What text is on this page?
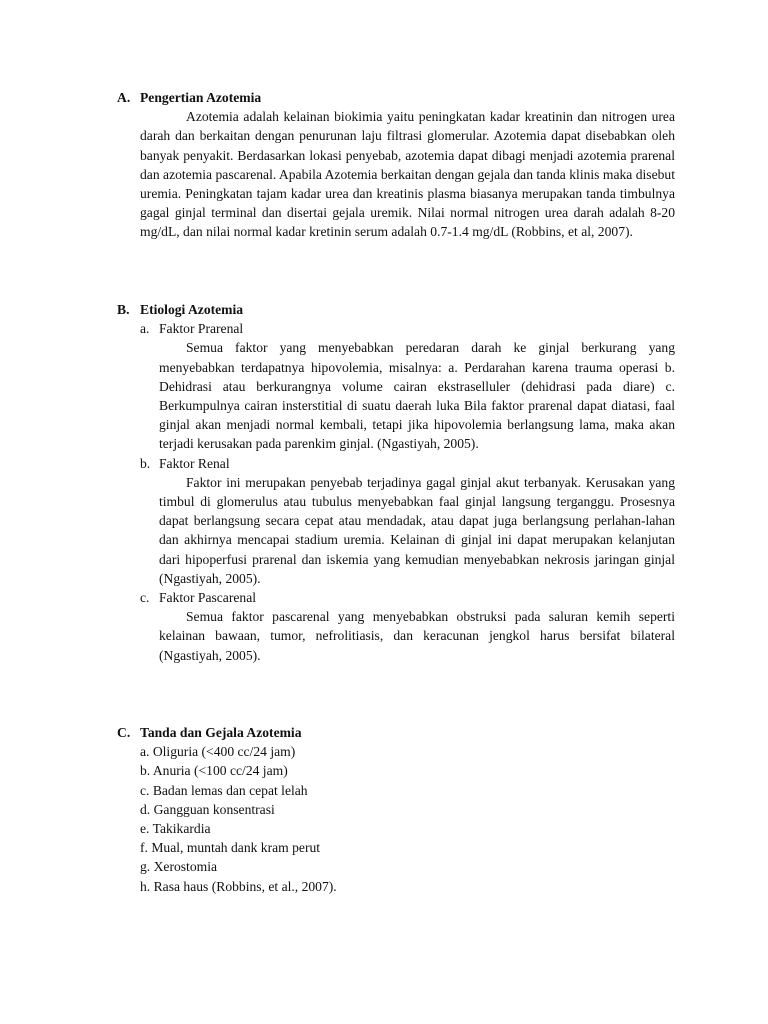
A. Pengertian Azotemia

Azotemia adalah kelainan biokimia yaitu peningkatan kadar kreatinin dan nitrogen urea darah dan berkaitan dengan penurunan laju filtrasi glomerular. Azotemia dapat disebabkan oleh banyak penyakit. Berdasarkan lokasi penyebab, azotemia dapat dibagi menjadi azotemia prarenal dan azotemia pascarenal. Apabila Azotemia berkaitan dengan gejala dan tanda klinis maka disebut uremia. Peningkatan tajam kadar urea dan kreatinis plasma biasanya merupakan tanda timbulnya gagal ginjal terminal dan disertai gejala uremik. Nilai normal nitrogen urea darah adalah 8-20 mg/dL, dan nilai normal kadar kretinin serum adalah 0.7-1.4 mg/dL (Robbins, et al, 2007).

B. Etiologi Azotemia

a. Faktor Prarenal

Semua faktor yang menyebabkan peredaran darah ke ginjal berkurang yang menyebabkan terdapatnya hipovolemia, misalnya: a. Perdarahan karena trauma operasi b. Dehidrasi atau berkurangnya volume cairan ekstraselluler (dehidrasi pada diare) c. Berkumpulnya cairan insterstitial di suatu daerah luka Bila faktor prarenal dapat diatasi, faal ginjal akan menjadi normal kembali, tetapi jika hipovolemia berlangsung lama, maka akan terjadi kerusakan pada parenkim ginjal. (Ngastiyah, 2005).

b. Faktor Renal

Faktor ini merupakan penyebab terjadinya gagal ginjal akut terbanyak. Kerusakan yang timbul di glomerulus atau tubulus menyebabkan faal ginjal langsung terganggu. Prosesnya dapat berlangsung secara cepat atau mendadak, atau dapat juga berlangsung perlahan-lahan dan akhirnya mencapai stadium uremia. Kelainan di ginjal ini dapat merupakan kelanjutan dari hipoperfusi prarenal dan iskemia yang kemudian menyebabkan nekrosis jaringan ginjal (Ngastiyah, 2005).

c. Faktor Pascarenal

Semua faktor pascarenal yang menyebabkan obstruksi pada saluran kemih seperti kelainan bawaan, tumor, nefrolitiasis, dan keracunan jengkol harus bersifat bilateral (Ngastiyah, 2005).

C. Tanda dan Gejala Azotemia

a. Oliguria (<400 cc/24 jam)
b. Anuria (<100 cc/24 jam)
c. Badan lemas dan cepat lelah
d. Gangguan konsentrasi
e. Takikardia
f. Mual, muntah dank kram perut
g. Xerostomia
h. Rasa haus (Robbins, et al., 2007).
